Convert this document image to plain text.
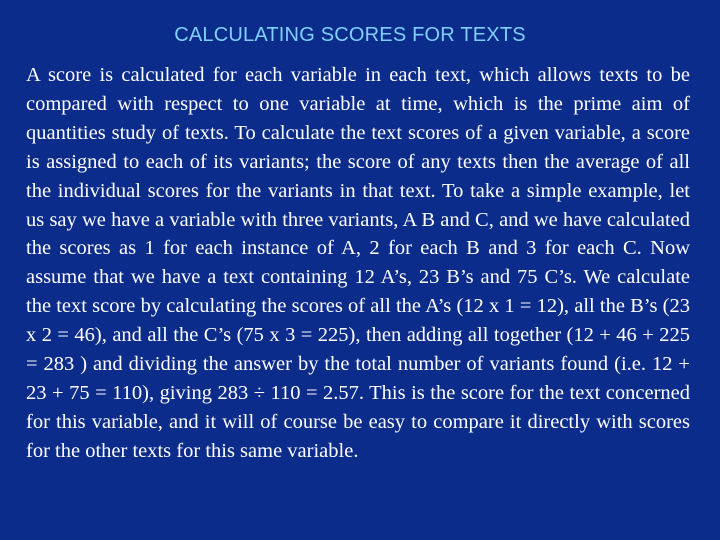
CALCULATING SCORES FOR TEXTS

A score is calculated for each variable in each text, which allows texts to be compared with respect to one variable at time, which is the prime aim of quantities study of texts. To calculate the text scores of a given variable, a score is assigned to each of its variants; the score of any texts then the average of all the individual scores for the variants in that text. To take a simple example, let us say we have a variable with three variants, A B and C, and we have calculated the scores as 1 for each instance of A, 2 for each B and 3 for each C. Now assume that we have a text containing 12 A’s, 23 B’s and 75 C’s. We calculate the text score by calculating the scores of all the A’s (12 x 1 = 12), all the B’s (23 x 2 = 46), and all the C’s (75 x 3 = 225), then adding all together (12 + 46 + 225 = 283 ) and dividing the answer by the total number of variants found (i.e. 12 + 23 + 75 = 110), giving 283 ÷ 110 = 2.57. This is the score for the text concerned for this variable, and it will of course be easy to compare it directly with scores for the other texts for this same variable.
